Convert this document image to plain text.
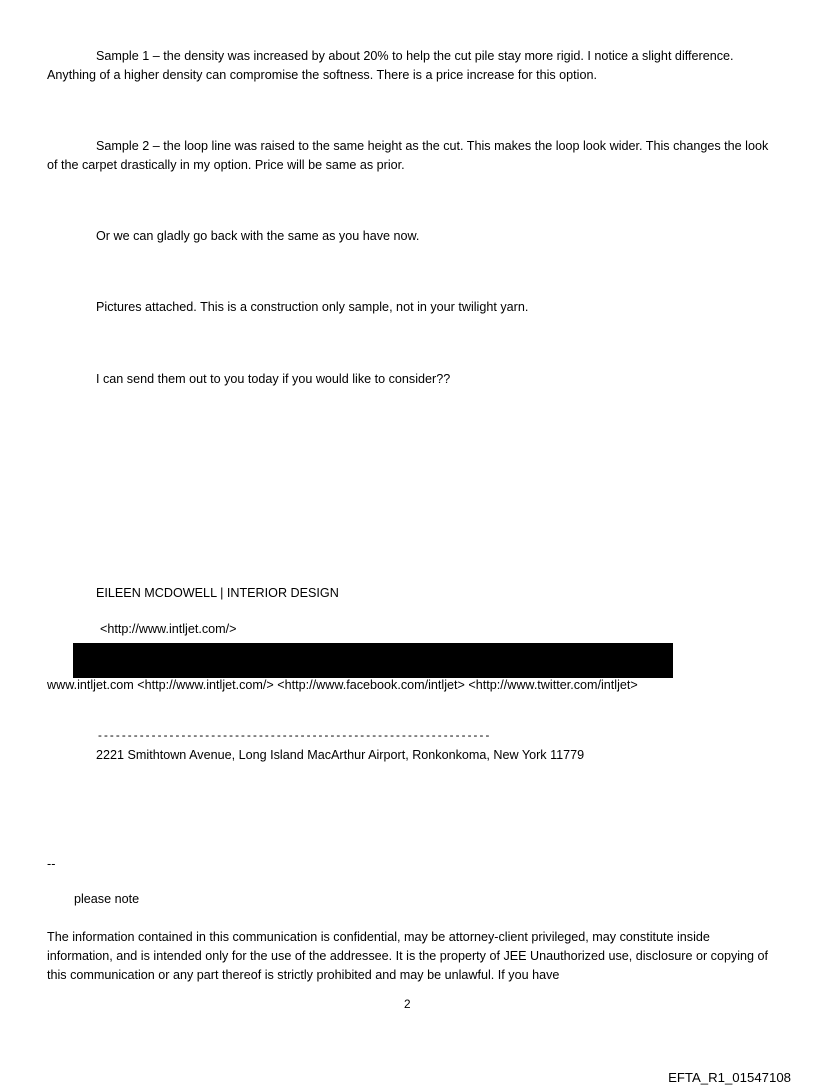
Sample 1 – the density was increased by about 20% to help the cut pile stay more rigid. I notice a slight difference. Anything of a higher density can compromise the softness. There is a price increase for this option.

Sample 2 – the loop line was raised to the same height as the cut. This makes the loop look wider. This changes the look of the carpet drastically in my option. Price will be same as prior.

Or we can gladly go back with the same as you have now.

Pictures attached. This is a construction only sample, not in your twilight yarn.

I can send them out to you today if you would like to consider??

EILEEN MCDOWELL | INTERIOR DESIGN

<http://www.intljet.com/>

www.intljet.com <http://www.intljet.com/> <http://www.facebook.com/intljet> <http://www.twitter.com/intljet>

------------------------------------------------------------------

2221 Smithtown Avenue, Long Island MacArthur Airport, Ronkonkoma, New York 11779

--

please note

The information contained in this communication is confidential, may be attorney-client privileged, may constitute inside information, and is intended only for the use of the addressee. It is the property of JEE Unauthorized use, disclosure or copying of this communication or any part thereof is strictly prohibited and may be unlawful. If you have

2

EFTA_R1_01547108
